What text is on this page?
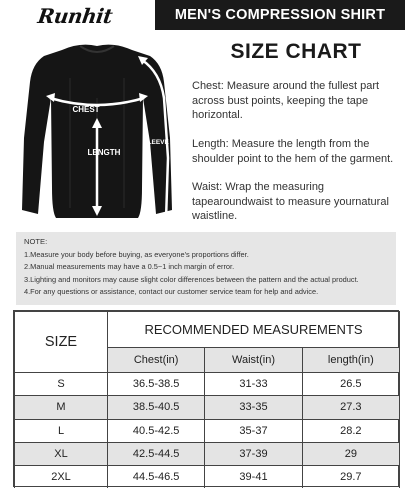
Runhit	MEN'S COMPRESSION SHIRT
CHEST
LENGTH
SLEEVE
SIZE CHART
Chest: Measure around the fullest part
across bust points, keeping the tape
horizontal.
Length: Measure the length from the
shoulder point to the hem of the garment.
Waist: Wrap the measuring
tapearoundwaist to measure yournatural
waistline.
NOTE:
1.Measure your body before buying, as everyone's proportions differ.
2.Manual measurements may have a 0.5~1 inch margin of error.
3.Lighting and monitors may cause slight color differences between the pattern and the actual product.
4.For any questions or assistance, contact our customer service team for help and advice.
SIZE	RECOMMENDED MEASUREMENTS		
	Chest(in)	Waist(in)	length(in)
S	36.5-38.5	31-33	26.5
M	38.5-40.5	33-35	27.3
L	40.5-42.5	35-37	28.2
XL	42.5-44.5	37-39	29
2XL	44.5-46.5	39-41	29.7
